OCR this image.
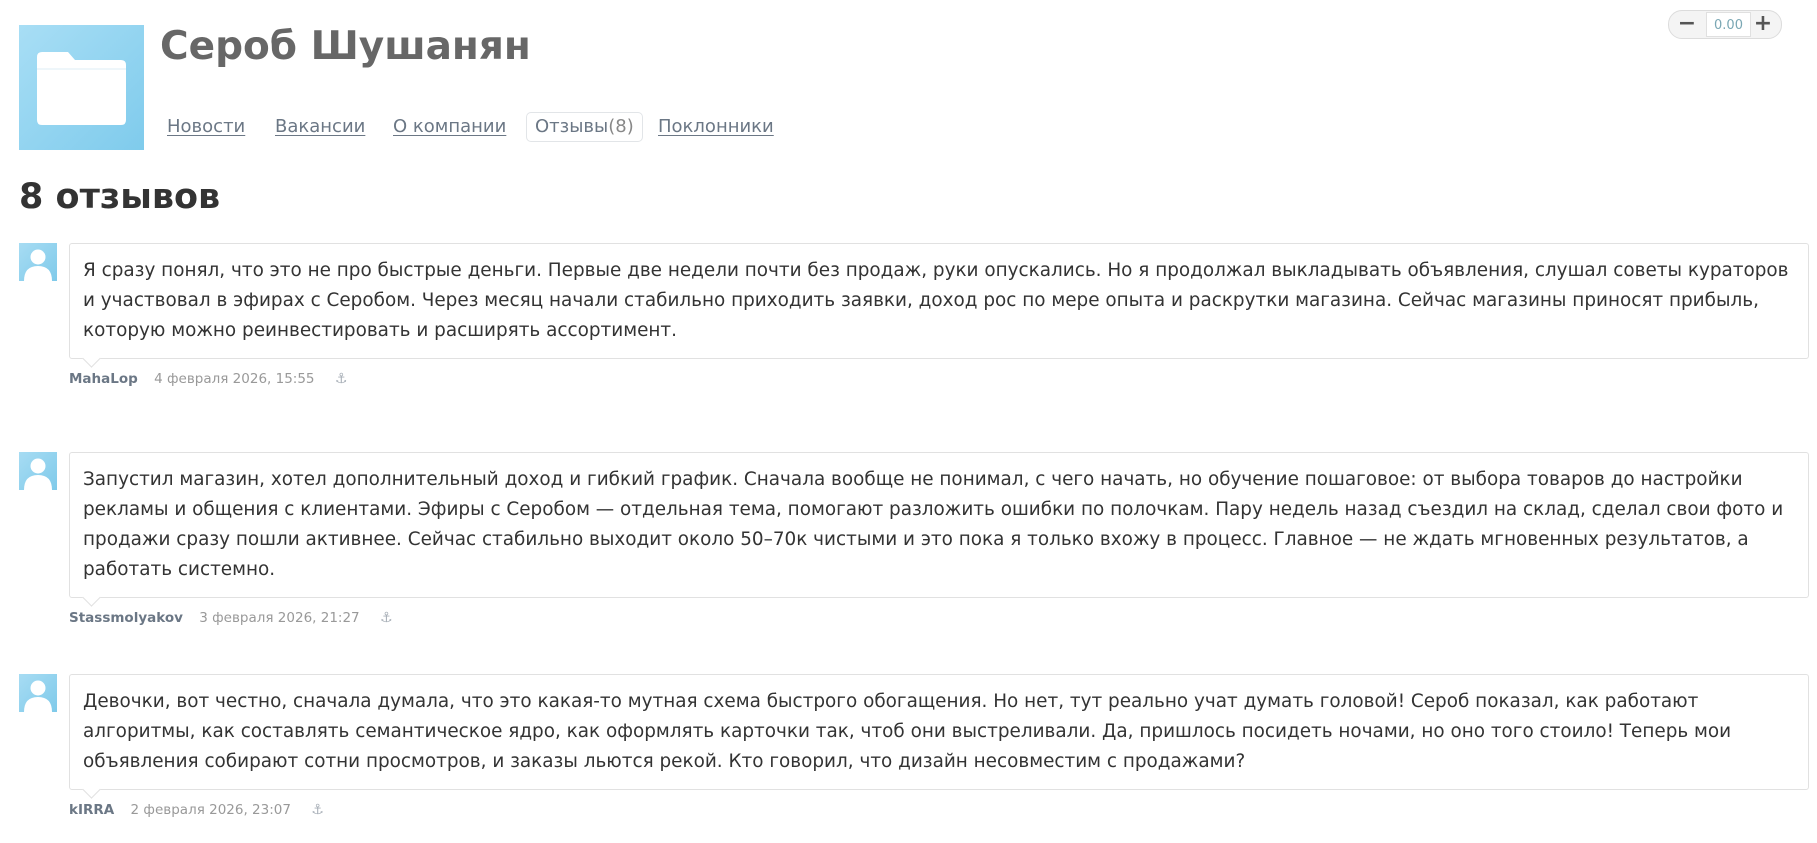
Сероб Шушанян
Новости Вакансии О компании	Отзывы(8)	Поклонники
−	0.00 +
8 отзывов
Я сразу понял, что это не про быстрые деньги. Первые две недели почти без продаж, руки опускались. Но я продолжал выкладывать объявления, слушал советы кураторов и участвовал в эфирах с Серобом. Через месяц начали стабильно приходить заявки, доход рос по мере опыта и раскрутки магазина. Сейчас магазины приносят прибыль, которую можно реинвестировать и расширять ассортимент.
MahaLop 4 февраля 2026, 15:55 ⚓
Запустил магазин, хотел дополнительный доход и гибкий график. Сначала вообще не понимал, с чего начать, но обучение пошаговое: от выбора товаров до настройки рекламы и общения с клиентами. Эфиры с Серобом — отдельная тема, помогают разложить ошибки по полочкам. Пару недель назад съездил на склад, сделал свои фото и продажи сразу пошли активнее. Сейчас стабильно выходит около 50–70к чистыми и это пока я только вхожу в процесс. Главное — не ждать мгновенных результатов, а работать системно.
Stassmolyakov 3 февраля 2026, 21:27 ⚓
Девочки, вот честно, сначала думала, что это какая-то мутная схема быстрого обогащения. Но нет, тут реально учат думать головой! Сероб показал, как работают алгоритмы, как составлять семантическое ядро, как оформлять карточки так, чтоб они выстреливали. Да, пришлось посидеть ночами, но оно того стоило! Теперь мои объявления собирают сотни просмотров, и заказы льются рекой. Кто говорил, что дизайн несовместим с продажами?
kIRRA 2 февраля 2026, 23:07 ⚓
